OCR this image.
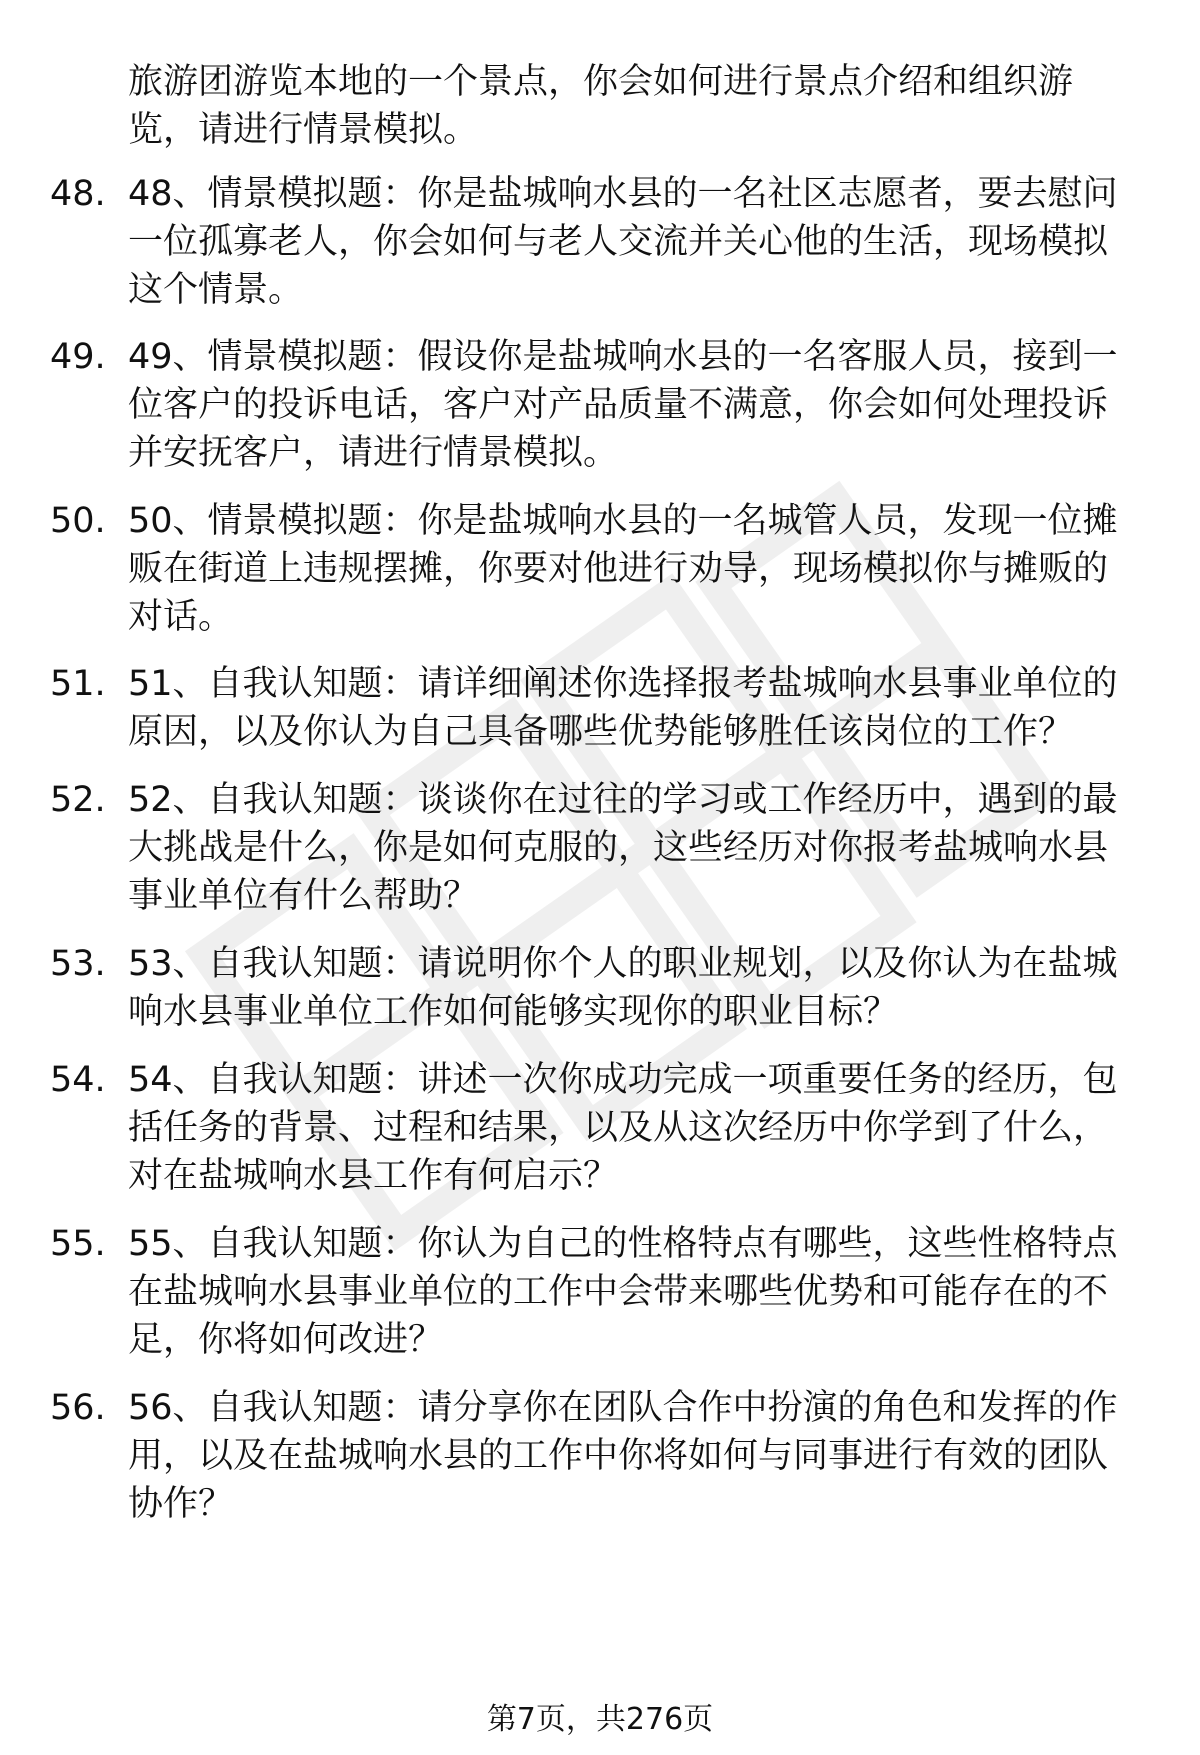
旅游团游览本地的一个景点，你会如何进行景点介绍和组织游览，请进行情景模拟。
48. 48、情景模拟题：你是盐城响水县的一名社区志愿者，要去慰问一位孤寡老人，你会如何与老人交流并关心他的生活，现场模拟这个情景。
49. 49、情景模拟题：假设你是盐城响水县的一名客服人员，接到一位客户的投诉电话，客户对产品质量不满意，你会如何处理投诉并安抚客户，请进行情景模拟。
50. 50、情景模拟题：你是盐城响水县的一名城管人员，发现一位摊贩在街道上违规摆摊，你要对他进行劝导，现场模拟你与摊贩的对话。
51. 51、自我认知题：请详细阐述你选择报考盐城响水县事业单位的原因，以及你认为自己具备哪些优势能够胜任该岗位的工作？
52. 52、自我认知题：谈谈你在过往的学习或工作经历中，遇到的最大挑战是什么，你是如何克服的，这些经历对你报考盐城响水县事业单位有什么帮助？
53. 53、自我认知题：请说明你个人的职业规划，以及你认为在盐城响水县事业单位工作如何能够实现你的职业目标？
54. 54、自我认知题：讲述一次你成功完成一项重要任务的经历，包括任务的背景、过程和结果，以及从这次经历中你学到了什么，对在盐城响水县工作有何启示？
55. 55、自我认知题：你认为自己的性格特点有哪些，这些性格特点在盐城响水县事业单位的工作中会带来哪些优势和可能存在的不足，你将如何改进？
56. 56、自我认知题：请分享你在团队合作中扮演的角色和发挥的作用，以及在盐城响水县的工作中你将如何与同事进行有效的团队协作？
第7页，共276页
